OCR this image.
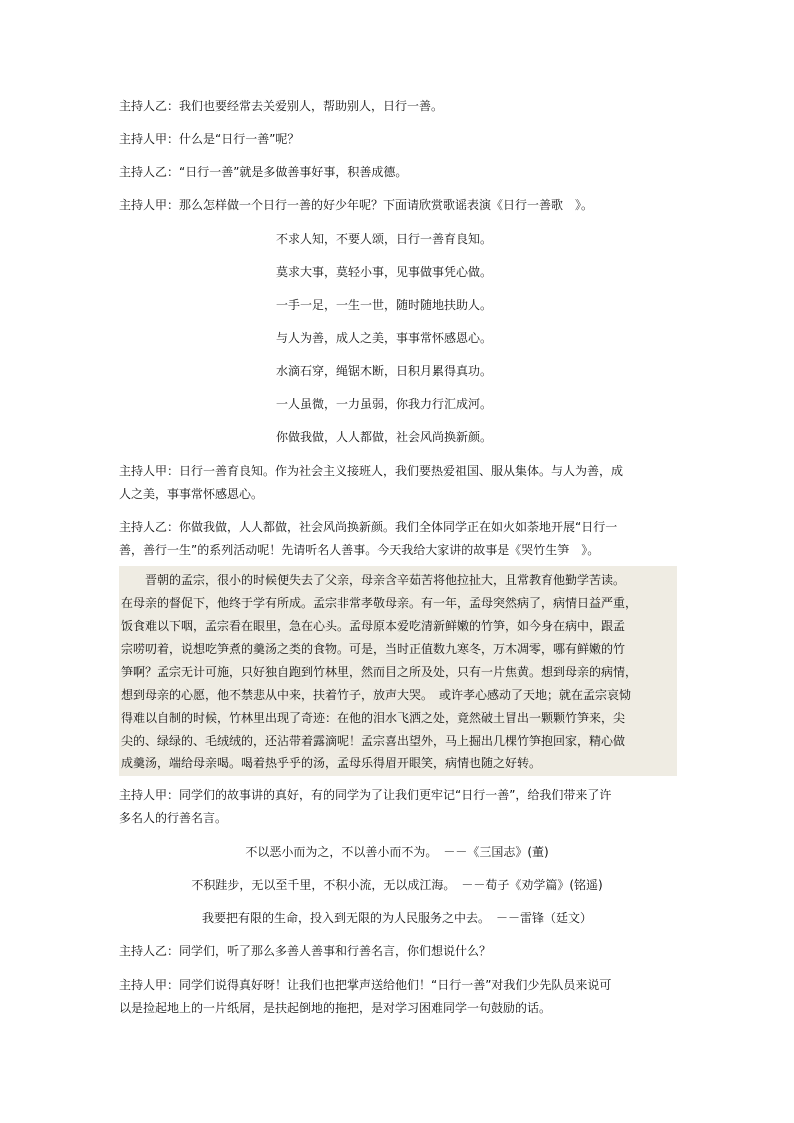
主持人乙：我们也要经常去关爱别人，帮助别人，日行一善。
主持人甲：什么是“日行一善”呢？
主持人乙：“日行一善”就是多做善事好事，积善成德。
主持人甲：那么怎样做一个日行一善的好少年呢？下面请欣赏歌谣表演《日行一善歌　》。
不求人知，不要人颂，日行一善育良知。
莫求大事，莫轻小事，见事做事凭心做。
一手一足，一生一世，随时随地扶助人。
与人为善，成人之美，事事常怀感恩心。
水滴石穿，绳锯木断，日积月累得真功。
一人虽微，一力虽弱，你我力行汇成河。
你做我做，人人都做，社会风尚换新颜。
主持人甲：日行一善育良知。作为社会主义接班人，我们要热爱祖国、服从集体。与人为善，成
人之美，事事常怀感恩心。
主持人乙：你做我做，人人都做，社会风尚换新颜。我们全体同学正在如火如荼地开展“日行一
善，善行一生”的系列活动呢！先请听名人善事。今天我给大家讲的故事是《哭竹生笋　》。
　　晋朝的孟宗，很小的时候便失去了父亲，母亲含辛茹苦将他拉扯大，且常教育他勤学苦读。
在母亲的督促下，他终于学有所成。孟宗非常孝敬母亲。有一年，孟母突然病了，病情日益严重，
饭食难以下咽，孟宗看在眼里，急在心头。孟母原本爱吃清新鲜嫩的竹笋，如今身在病中，跟孟
宗唠叨着，说想吃笋煮的羹汤之类的食物。可是，当时正值数九寒冬，万木凋零，哪有鲜嫩的竹
笋啊？孟宗无计可施，只好独自跑到竹林里，然而目之所及处，只有一片焦黄。想到母亲的病情，
想到母亲的心愿，他不禁悲从中来，扶着竹子，放声大哭。　或许孝心感动了天地；就在孟宗哀恸
得难以自制的时候，竹林里出现了奇迹：在他的泪水飞洒之处，竟然破土冒出一颗颗竹笋来，尖
尖的、绿绿的、毛绒绒的，还沾带着露滴呢！孟宗喜出望外，马上掘出几棵竹笋抱回家，精心做
成羹汤，端给母亲喝。喝着热乎乎的汤，孟母乐得眉开眼笑，病情也随之好转。
主持人甲：同学们的故事讲的真好，有的同学为了让我们更牢记“日行一善”，给我们带来了许
多名人的行善名言。
不以恶小而为之，不以善小而不为。　－－《三国志》(董)
不积跬步，无以至千里，不积小流，无以成江海。　－－荀子《劝学篇》(铭遥)
我要把有限的生命，投入到无限的为人民服务之中去。　－－雷锋（廷文）
主持人乙：同学们，听了那么多善人善事和行善名言，你们想说什么？
主持人甲：同学们说得真好呀！让我们也把掌声送给他们！“日行一善”对我们少先队员来说可
以是捡起地上的一片纸屑，是扶起倒地的拖把，是对学习困难同学一句鼓励的话。
